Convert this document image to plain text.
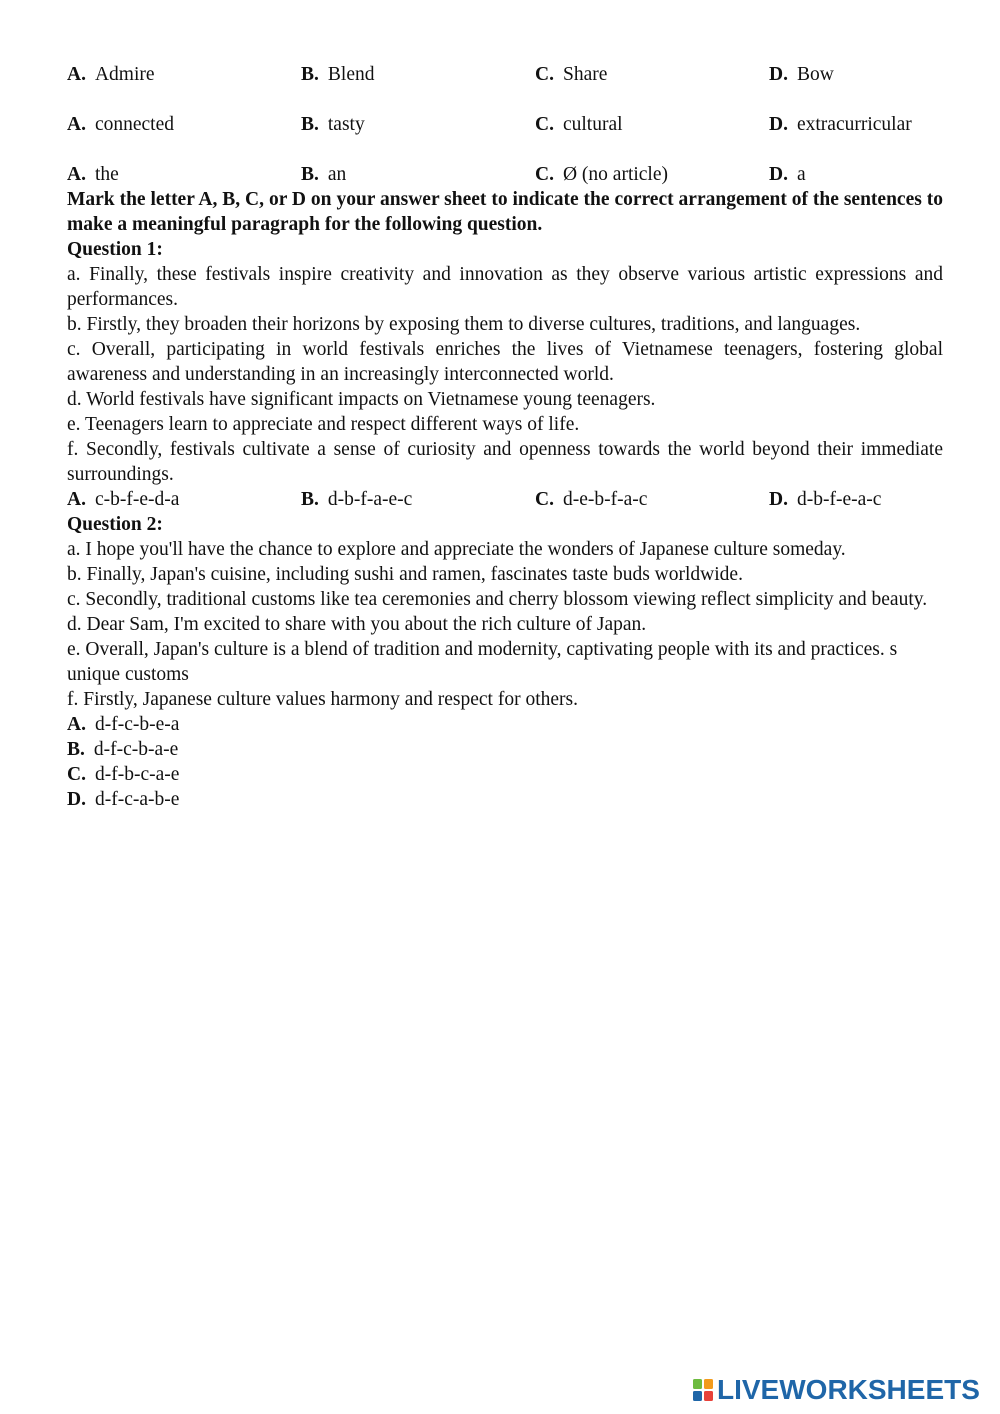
A. Admire	B. Blend	C. Share	D. Bow
A. connected	B. tasty	C. cultural	D. extracurricular
A. the	B. an	C. Ø (no article)	D. a

Mark the letter A, B, C, or D on your answer sheet to indicate the correct arrangement of the sentences to make a meaningful paragraph for the following question.

Question 1:

a. Finally, these festivals inspire creativity and innovation as they observe various artistic expressions and performances.

b. Firstly, they broaden their horizons by exposing them to diverse cultures, traditions, and languages.

c. Overall, participating in world festivals enriches the lives of Vietnamese teenagers, fostering global awareness and understanding in an increasingly interconnected world.

d. World festivals have significant impacts on Vietnamese young teenagers.

e. Teenagers learn to appreciate and respect different ways of life.

f. Secondly, festivals cultivate a sense of curiosity and openness towards the world beyond their immediate surroundings.

A. c-b-f-e-d-a	B. d-b-f-a-e-c	C. d-e-b-f-a-c	D. d-b-f-e-a-c

Question 2:

a. I hope you'll have the chance to explore and appreciate the wonders of Japanese culture someday.

b. Finally, Japan's cuisine, including sushi and ramen, fascinates taste buds worldwide.

c. Secondly, traditional customs like tea ceremonies and cherry blossom viewing reflect simplicity and beauty.

d. Dear Sam, I'm excited to share with you about the rich culture of Japan.

e. Overall, Japan's culture is a blend of tradition and modernity, captivating people with its and practices. s unique customs

f. Firstly, Japanese culture values harmony and respect for others.

A. d-f-c-b-e-a

B. d-f-c-b-a-e

C. d-f-b-c-a-e

D. d-f-c-a-b-e

LIVEWORKSHEETS
